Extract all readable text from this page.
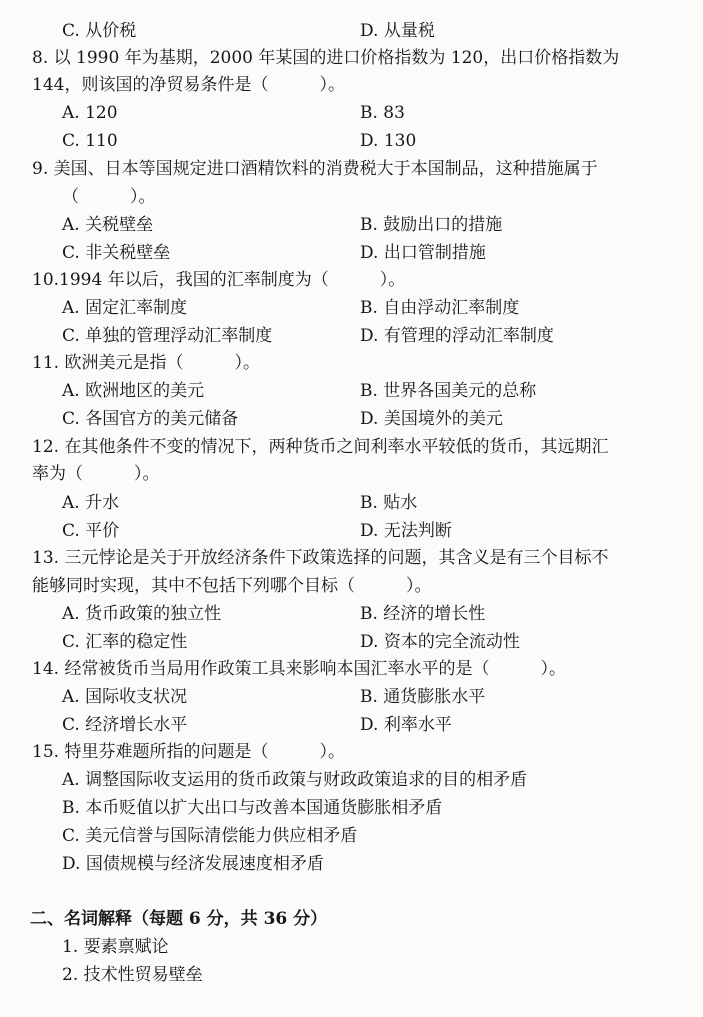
C. 从价税	D. 从量税
8. 以 1990 年为基期，2000 年某国的进口价格指数为 120，出口价格指数为
144，则该国的净贸易条件是（　　　）。
A. 120	B. 83
C. 110	D. 130
9. 美国、日本等国规定进口酒精饮料的消费税大于本国制品，这种措施属于
（　　　）。
A. 关税壁垒	B. 鼓励出口的措施
C. 非关税壁垒	D. 出口管制措施
10.1994 年以后，我国的汇率制度为（　　　）。
A. 固定汇率制度	B. 自由浮动汇率制度
C. 单独的管理浮动汇率制度	D. 有管理的浮动汇率制度
11. 欧洲美元是指（　　　）。
A. 欧洲地区的美元	B. 世界各国美元的总称
C. 各国官方的美元储备	D. 美国境外的美元
12. 在其他条件不变的情况下，两种货币之间利率水平较低的货币，其远期汇
率为（　　　）。
A. 升水	B. 贴水
C. 平价	D. 无法判断
13. 三元悖论是关于开放经济条件下政策选择的问题，其含义是有三个目标不
能够同时实现，其中不包括下列哪个目标（　　　）。
A. 货币政策的独立性	B. 经济的增长性
C. 汇率的稳定性	D. 资本的完全流动性
14. 经常被货币当局用作政策工具来影响本国汇率水平的是（　　　）。
A. 国际收支状况	B. 通货膨胀水平
C. 经济增长水平	D. 利率水平
15. 特里芬难题所指的问题是（　　　）。
A. 调整国际收支运用的货币政策与财政政策追求的目的相矛盾
B. 本币贬值以扩大出口与改善本国通货膨胀相矛盾
C. 美元信誉与国际清偿能力供应相矛盾
D. 国债规模与经济发展速度相矛盾
二、名词解释（每题 6 分，共 36 分）
1. 要素禀赋论
2. 技术性贸易壁垒
